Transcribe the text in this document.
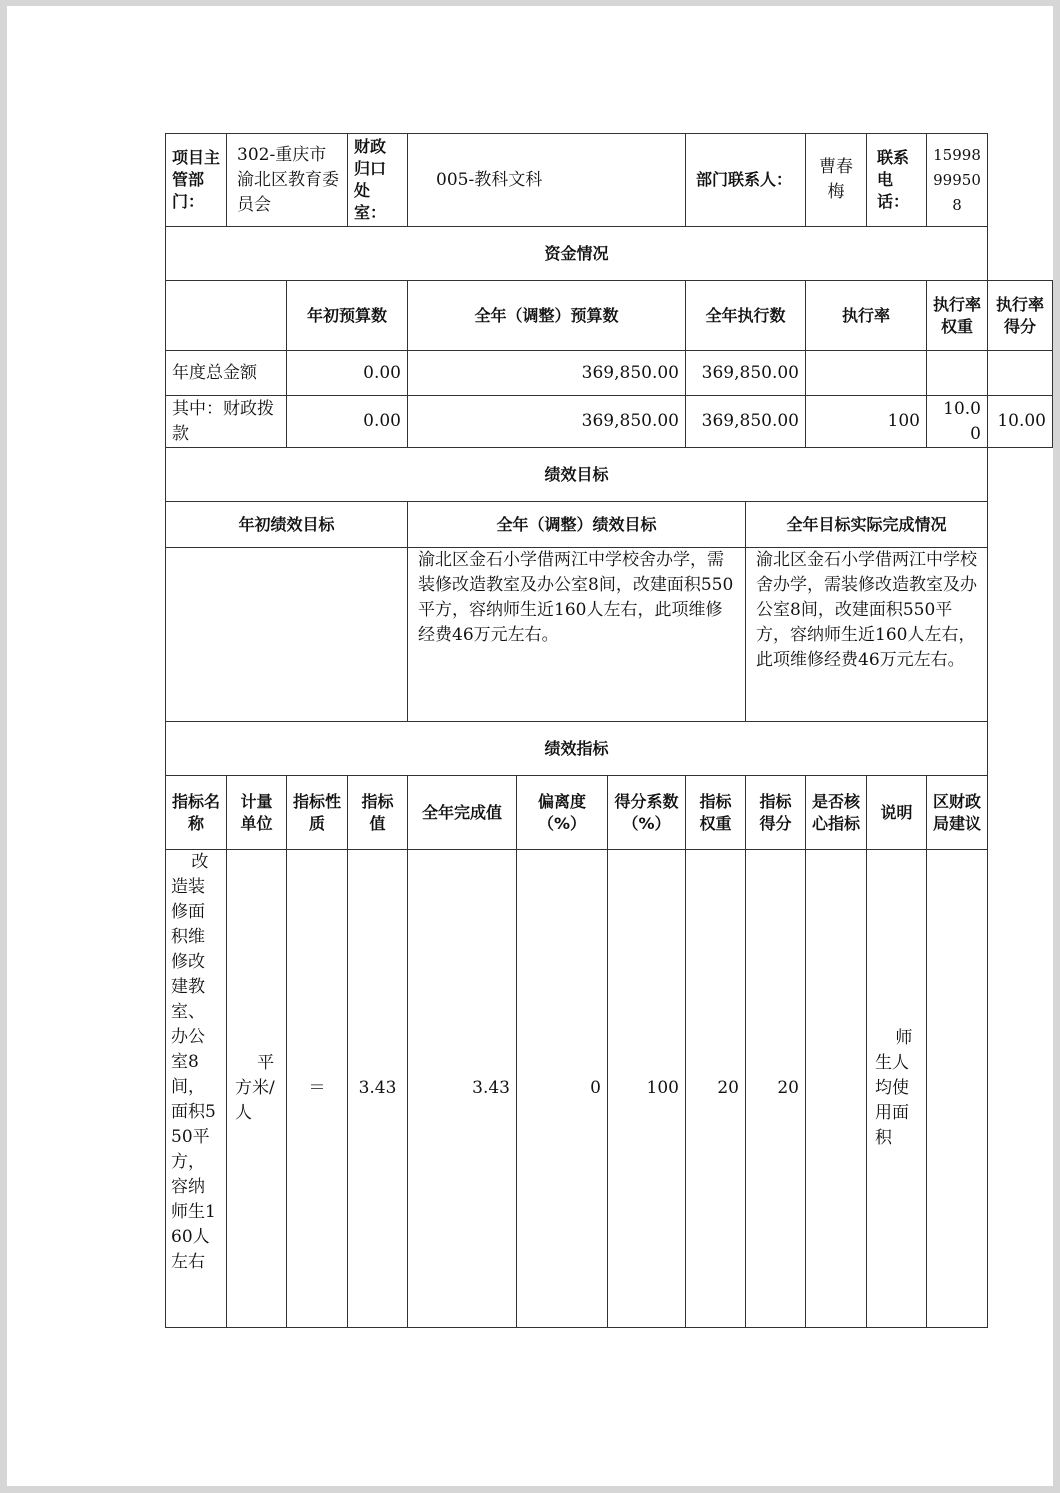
项目主管部门：	302-重庆市渝北区教育委员会		财政归口处室：	005-教科文科			部门联系人：		曹春梅	联系电话：	15998999508	
资金情况												
		年初预算数		全年（调整）预算数			全年执行数		执行率		执行率权重	执行率得分
年度总金额		0.00		369,850.00			369,850.00					
其中：财政拨款		0.00		369,850.00			369,850.00		100		10.00	10.00
绩效目标												
年初绩效目标				全年（调整）绩效目标				全年目标实际完成情况				
				渝北区金石小学借两江中学校舍办学，需装修改造教室及办公室8间，改建面积550平方，容纳师生近160人左右，此项维修经费46万元左右。				渝北区金石小学借两江中学校舍办学，需装修改造教室及办公室8间，改建面积550平方，容纳师生近160人左右，此项维修经费46万元左右。				
绩效指标												
指标名称	计量单位	指标性质	指标值	全年完成值	偏离度（%）	得分系数（%）	指标权重	指标得分	是否核心指标	说明	区财政局建议	
改造装修面积维修改建教室、办公室8间，面积550平方，容纳师生160人左右	平方米/人	＝	3.43	3.43	0	100	20	20		师生人均使用面积		
